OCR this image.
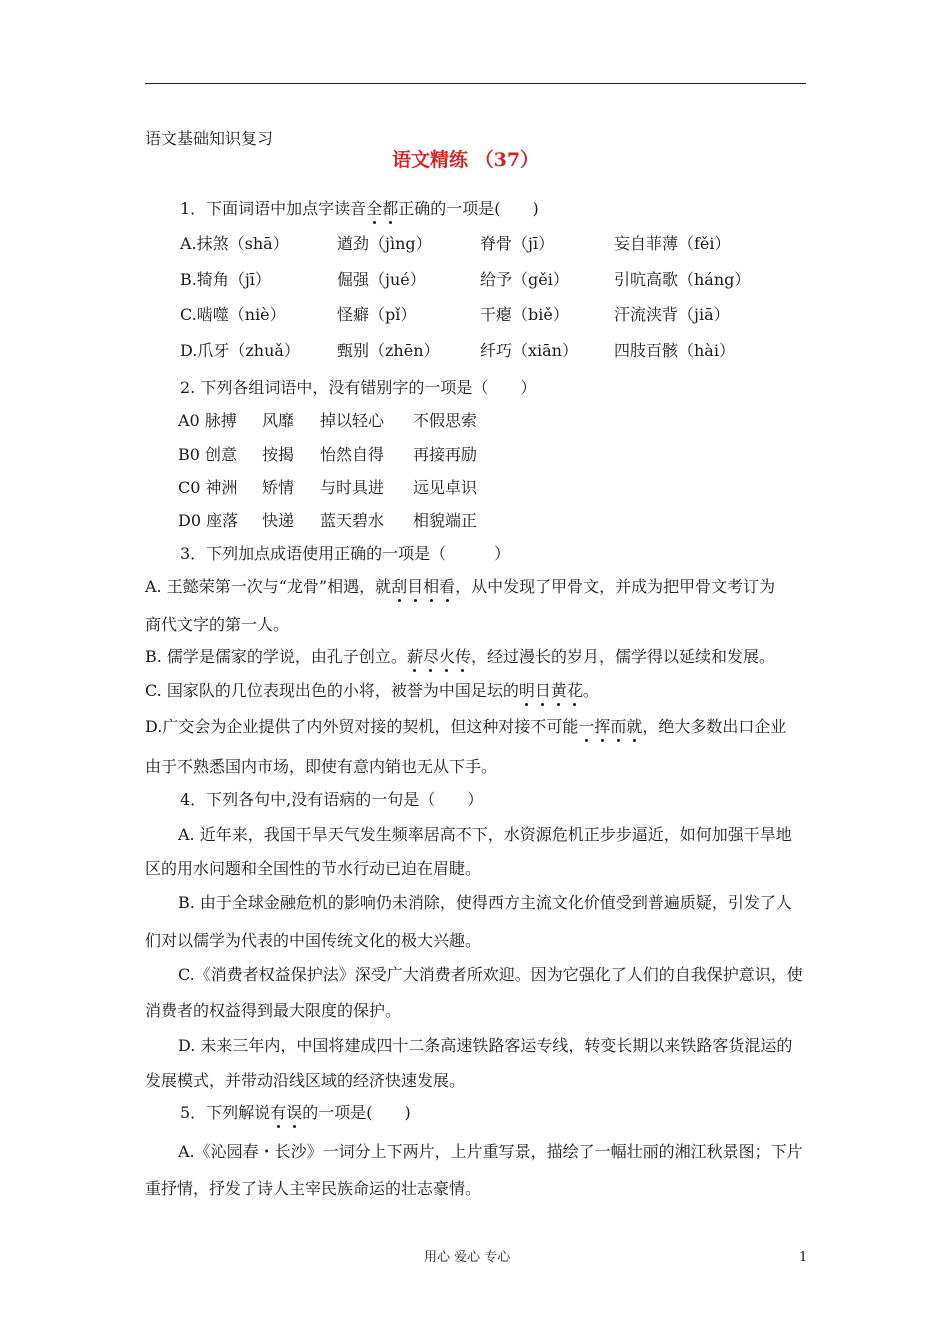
语文基础知识复习
语文精练 （37）
1．下面词语中加点字读音全都正确的一项是(　　)
A.抹煞（shā）	遒劲（jìng）	脊骨（jī）	妄自菲薄（fěi）
B.犄角（jī）	倔强（jué）	给予（gěi）	引吭高歌（háng）
C.啮噬（niè）	怪癖（pǐ）	干瘪（biě）	汗流浃背（jiā）
D.爪牙（zhuǎ） 甄别（zhēn）	纤巧（xiān） 四肢百骸（hài）
2. 下列各组词语中，没有错别字的一项是（　　）
A0 脉搏 风靡 掉以轻心 不假思索
B0 创意 按揭 怡然自得 再接再励
C0 神洲 矫情 与时具进 远见卓识
D0 座落 快递 蓝天碧水 相貌端正
3．下列加点成语使用正确的一项是（　　　）
A. 王懿荣第一次与“龙骨”相遇，就刮目相看，从中发现了甲骨文，并成为把甲骨文考订为
商代文字的第一人。
B. 儒学是儒家的学说，由孔子创立。薪尽火传，经过漫长的岁月，儒学得以延续和发展。
C. 国家队的几位表现出色的小将，被誉为中国足坛的明日黄花。
D.广交会为企业提供了内外贸对接的契机，但这种对接不可能一挥而就，绝大多数出口企业
由于不熟悉国内市场，即使有意内销也无从下手。
4．下列各句中,没有语病的一句是（　　）
A. 近年来，我国干旱天气发生频率居高不下，水资源危机正步步逼近，如何加强干旱地
区的用水问题和全国性的节水行动已迫在眉睫。
B. 由于全球金融危机的影响仍未消除，使得西方主流文化价值受到普遍质疑，引发了人
们对以儒学为代表的中国传统文化的极大兴趣。
C.《消费者权益保护法》深受广大消费者所欢迎。因为它强化了人们的自我保护意识，使
消费者的权益得到最大限度的保护。
D. 未来三年内，中国将建成四十二条高速铁路客运专线，转变长期以来铁路客货混运的
发展模式，并带动沿线区域的经济快速发展。
5．下列解说有误的一项是(　　)
A.《沁园春・长沙》一词分上下两片，上片重写景，描绘了一幅壮丽的湘江秋景图；下片
重抒情，抒发了诗人主宰民族命运的壮志豪情。
用心 爱心 专心	1
